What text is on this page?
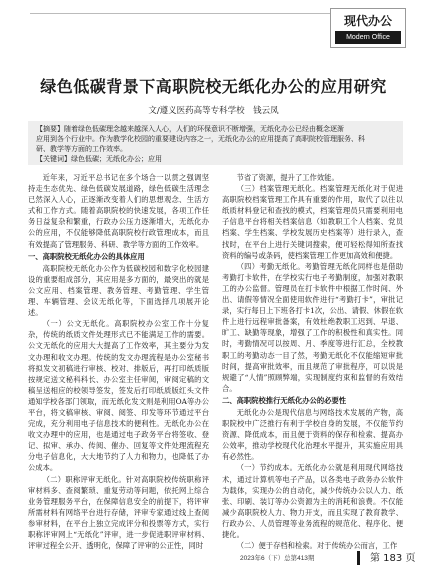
现代办公
Modern Office
绿色低碳背景下高职院校无纸化办公的应用研究
文/遵义医药高等专科学校　钱云凤
【摘要】随着绿色低碳理念越来越深入人心，人们的环保意识不断增强，无纸化办公已经由概念逐渐
应用到各个行业中。作为教学化校园的重要建设内容之一，无纸化办公的应用提高了高职院校管理服务、科
研、教学等方面的工作效率。
【关键词】绿色低碳；无纸化办公；应用

近年来，习近平总书记在多个场合一以贯之强调坚持走生态优先、绿色低碳发展道路，绿色低碳生活理念已然深入人心，正逐渐改变着人们的思想观念、生活方式和工作方式。随着高职院校的快速发展，各项工作任务日益复杂和繁重，行政办公压力逐渐增大，无纸化办公的应用，不仅能够降低高职院校行政管理成本，而且有效提高了管理服务、科研、教学等方面的工作效率。

一、高职院校无纸化办公的具体应用

高职院校无纸化办公作为低碳校园和数字化校园建设的重要组成部分，其应用是多方面的，最突出的就是公文应用、档案管理、教务管理、考勤管理、学生管理、车辆管理、会议无纸化等，下面选择几项展开论述。

（一）公文无纸化。高职院校办公室工作十分复杂，传统的纸质文件处理形式已不能满足工作的需要。公文无纸化的应用大大提高了工作效率，其主要分为发文办理和收文办理。传统的发文办理流程是办公室秘书将拟发文初稿进行审核、校对、排版后，再打印纸质版按规定送文秘科科长、办公室主任审阅，审阅定稿的文稿呈送相应的校领导签发，签发后打印纸质版红头文件通知学校各部门领取，而无纸化发文则是利用OA等办公平台，将文稿审核、审阅、阅签、印发等环节通过平台完成，充分利用电子信息技术的便利性。无纸化办公在收文办理中的应用，也是通过电子政务平台将签收、登记、拟审、承办、传阅、催办、回复等文件处理流程充分电子信息化，大大地节约了人力和物力，也降低了办公成本。

（二）职称评审无纸化。针对高职院校传统职称评审材料多、查阅繁琐、重复劳动等问题，依托网上综合业务管理服务平台，在保障信息安全的前提下，将评审所需材料有网络平台进行存储，评审专家通过线上查阅参审材料，在平台上独立完成评分和投票等方式，实行职称评审网上“无纸化”评审，进一步促进职评审材料、评审过程全公开、透明化，保障了评审的公正性，同时

节省了资源，提升了工作效能。

（三）档案管理无纸化。档案管理无纸化对于促进高职院校档案管理工作具有重要的作用，取代了以往以纸质材料登记和查找的模式，档案管理员只需要利用电子信息平台将相关档案信息（如教职工个人档案、党员档案、学生档案、学校发展历史档案等）进行录入，查找时，在平台上进行关键词搜索，便可轻松得知所查找资料的编号或条码，使档案管理工作更加高效和便捷。

（四）考勤无纸化。考勤管理无纸化同样也是借助考勤打卡软件，在学校实行电子考勤制度，加强对教职工的办公监督。管理员在打卡软件中根据工作时间、外出、请假等情况全面使用软件进行“考勤打卡”，审批记录，实行每日上下班各打卡1次，公出、请假、休假在软件上进行远程审批备案，有效杜绝教职工迟到、早退、旷工、缺勤等现象，增强了工作的积极性和真实性。同时，考勤情况可以按周、月、季度等进行汇总，全校教职工的考勤动态一目了然，考勤无纸化不仅能缩短审批时间，提高审批效率，而且规范了审批程序，可以说是规避了“人情”照顾弊端，实现制度约束和监督的有效结合。

二、高职院校推行无纸化办公的必要性

无纸化办公是现代信息与网络技术发展的产物，高职院校中广泛推行有利于学校自身的发展，不仅能节约资源、降低成本，而且便于资料的保存和检索、提高办公效率，推动学校现代化治理水平提升，其实施应用具有必然性。

（一）节约成本。无纸化办公就是利用现代网络技术，通过计算机等电子产品，以各类电子政务办公软件为载体，实现办公的自动化，减少传统办公以人力、纸张、印刷、装订等办公资源为主的消耗和浪费。不仅能减少高职院校人力、物力开支，而且实现了教育教学、行政办公、人员管理等业务流程的规范化、程序化、便捷化。

（二）便于存档和检索。对于传统办公而言，工作

2023年6（下）总第413期	第 183 页
